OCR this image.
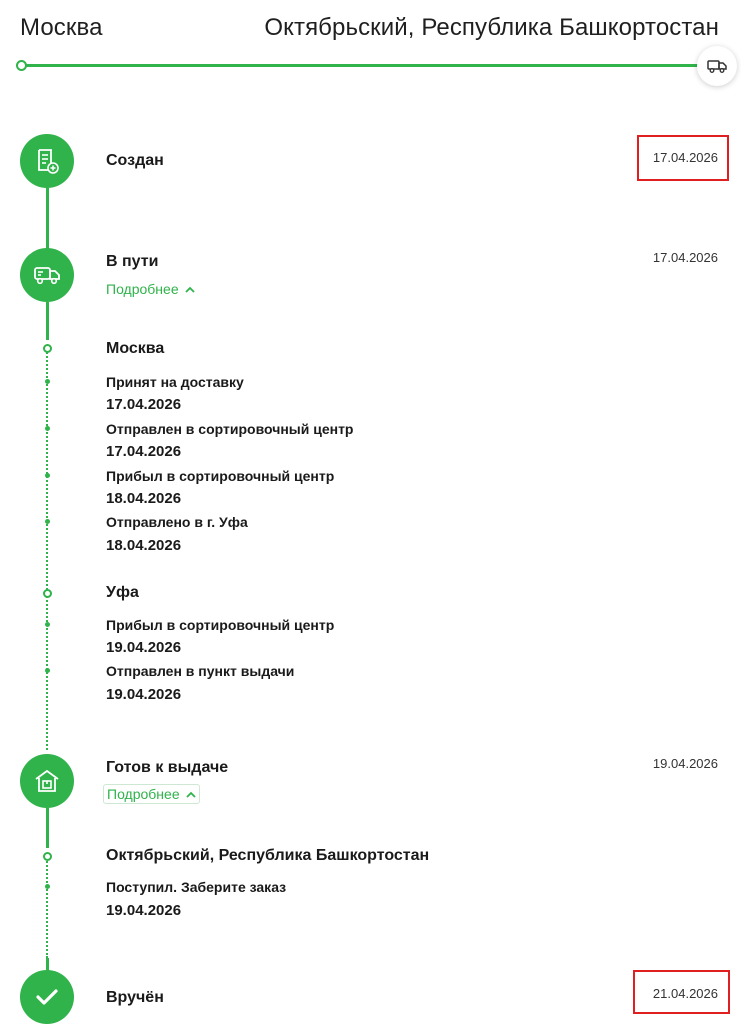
Москва	Октябрьский, Республика Башкортостан
Создан	17.04.2026
В пути	17.04.2026
Подробнее
Москва
Принят на доставку
17.04.2026
Отправлен в сортировочный центр
17.04.2026
Прибыл в сортировочный центр
18.04.2026
Отправлено в г. Уфа
18.04.2026
Уфа
Прибыл в сортировочный центр
19.04.2026
Отправлен в пункт выдачи
19.04.2026
Готов к выдаче	19.04.2026
Подробнее
Октябрьский, Республика Башкортостан
Поступил. Заберите заказ
19.04.2026
Вручён	21.04.2026
